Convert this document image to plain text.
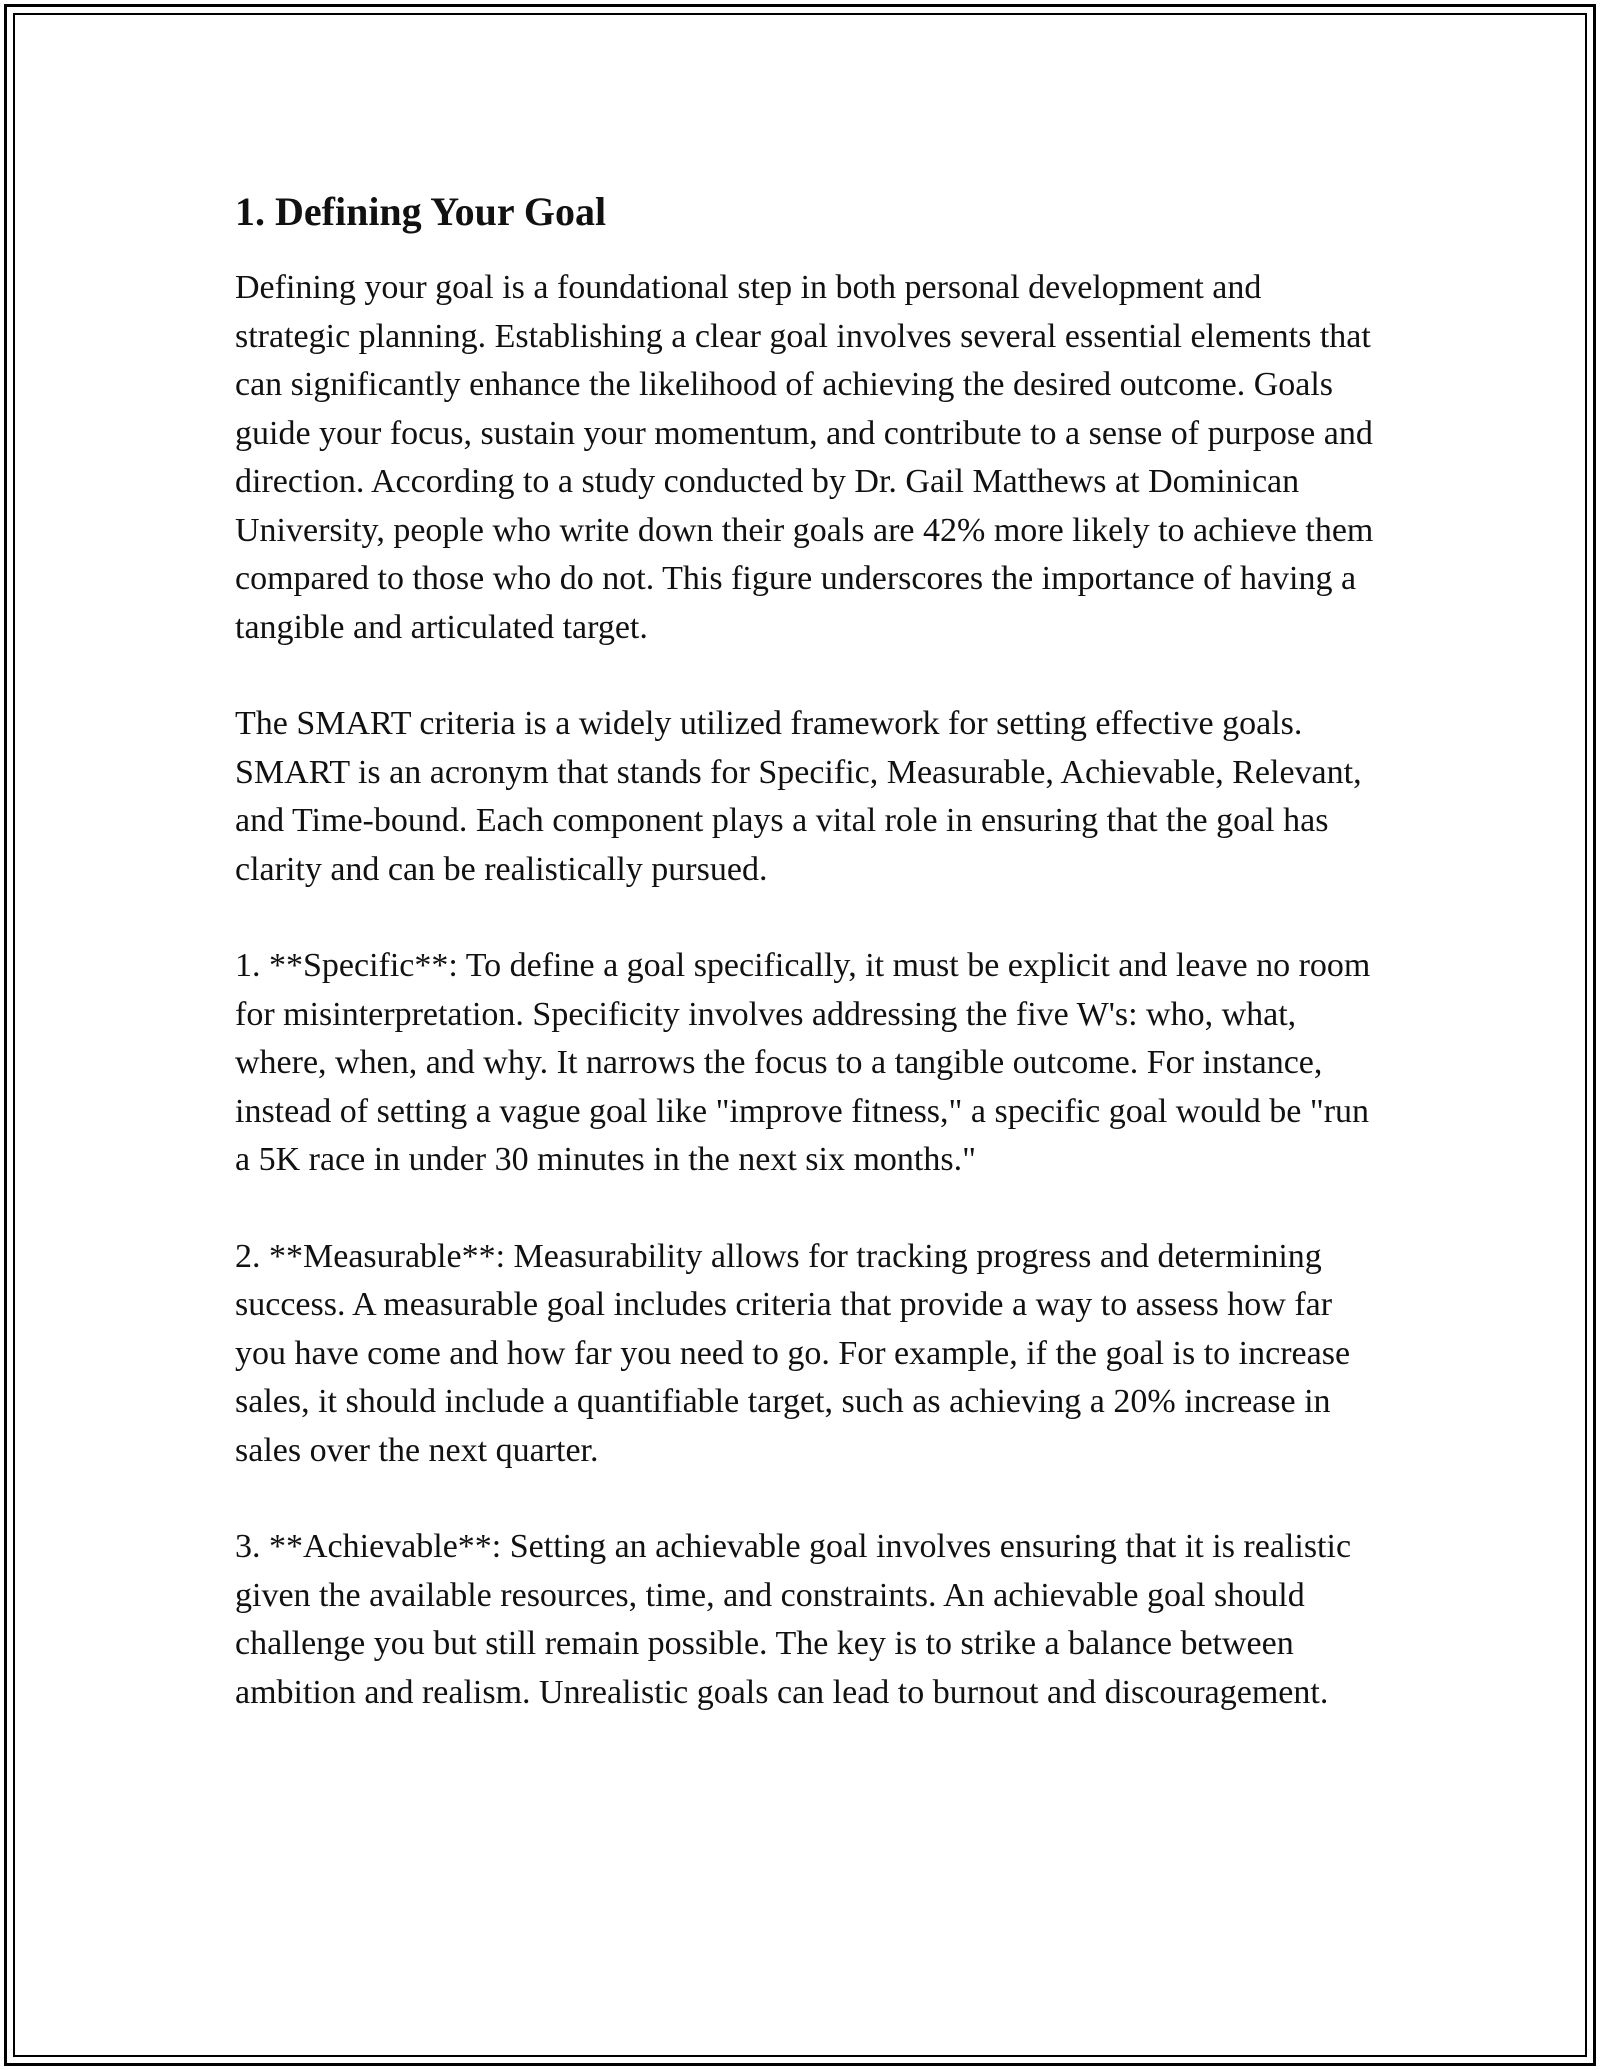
1. Defining Your Goal

Defining your goal is a foundational step in both personal development and strategic planning. Establishing a clear goal involves several essential elements that can significantly enhance the likelihood of achieving the desired outcome. Goals guide your focus, sustain your momentum, and contribute to a sense of purpose and direction. According to a study conducted by Dr. Gail Matthews at Dominican University, people who write down their goals are 42% more likely to achieve them compared to those who do not. This figure underscores the importance of having a tangible and articulated target.

The SMART criteria is a widely utilized framework for setting effective goals. SMART is an acronym that stands for Specific, Measurable, Achievable, Relevant, and Time-bound. Each component plays a vital role in ensuring that the goal has clarity and can be realistically pursued.

1. **Specific**: To define a goal specifically, it must be explicit and leave no room for misinterpretation. Specificity involves addressing the five W's: who, what, where, when, and why. It narrows the focus to a tangible outcome. For instance, instead of setting a vague goal like "improve fitness," a specific goal would be "run a 5K race in under 30 minutes in the next six months."

2. **Measurable**: Measurability allows for tracking progress and determining success. A measurable goal includes criteria that provide a way to assess how far you have come and how far you need to go. For example, if the goal is to increase sales, it should include a quantifiable target, such as achieving a 20% increase in sales over the next quarter.

3. **Achievable**: Setting an achievable goal involves ensuring that it is realistic given the available resources, time, and constraints. An achievable goal should challenge you but still remain possible. The key is to strike a balance between ambition and realism. Unrealistic goals can lead to burnout and discouragement.
